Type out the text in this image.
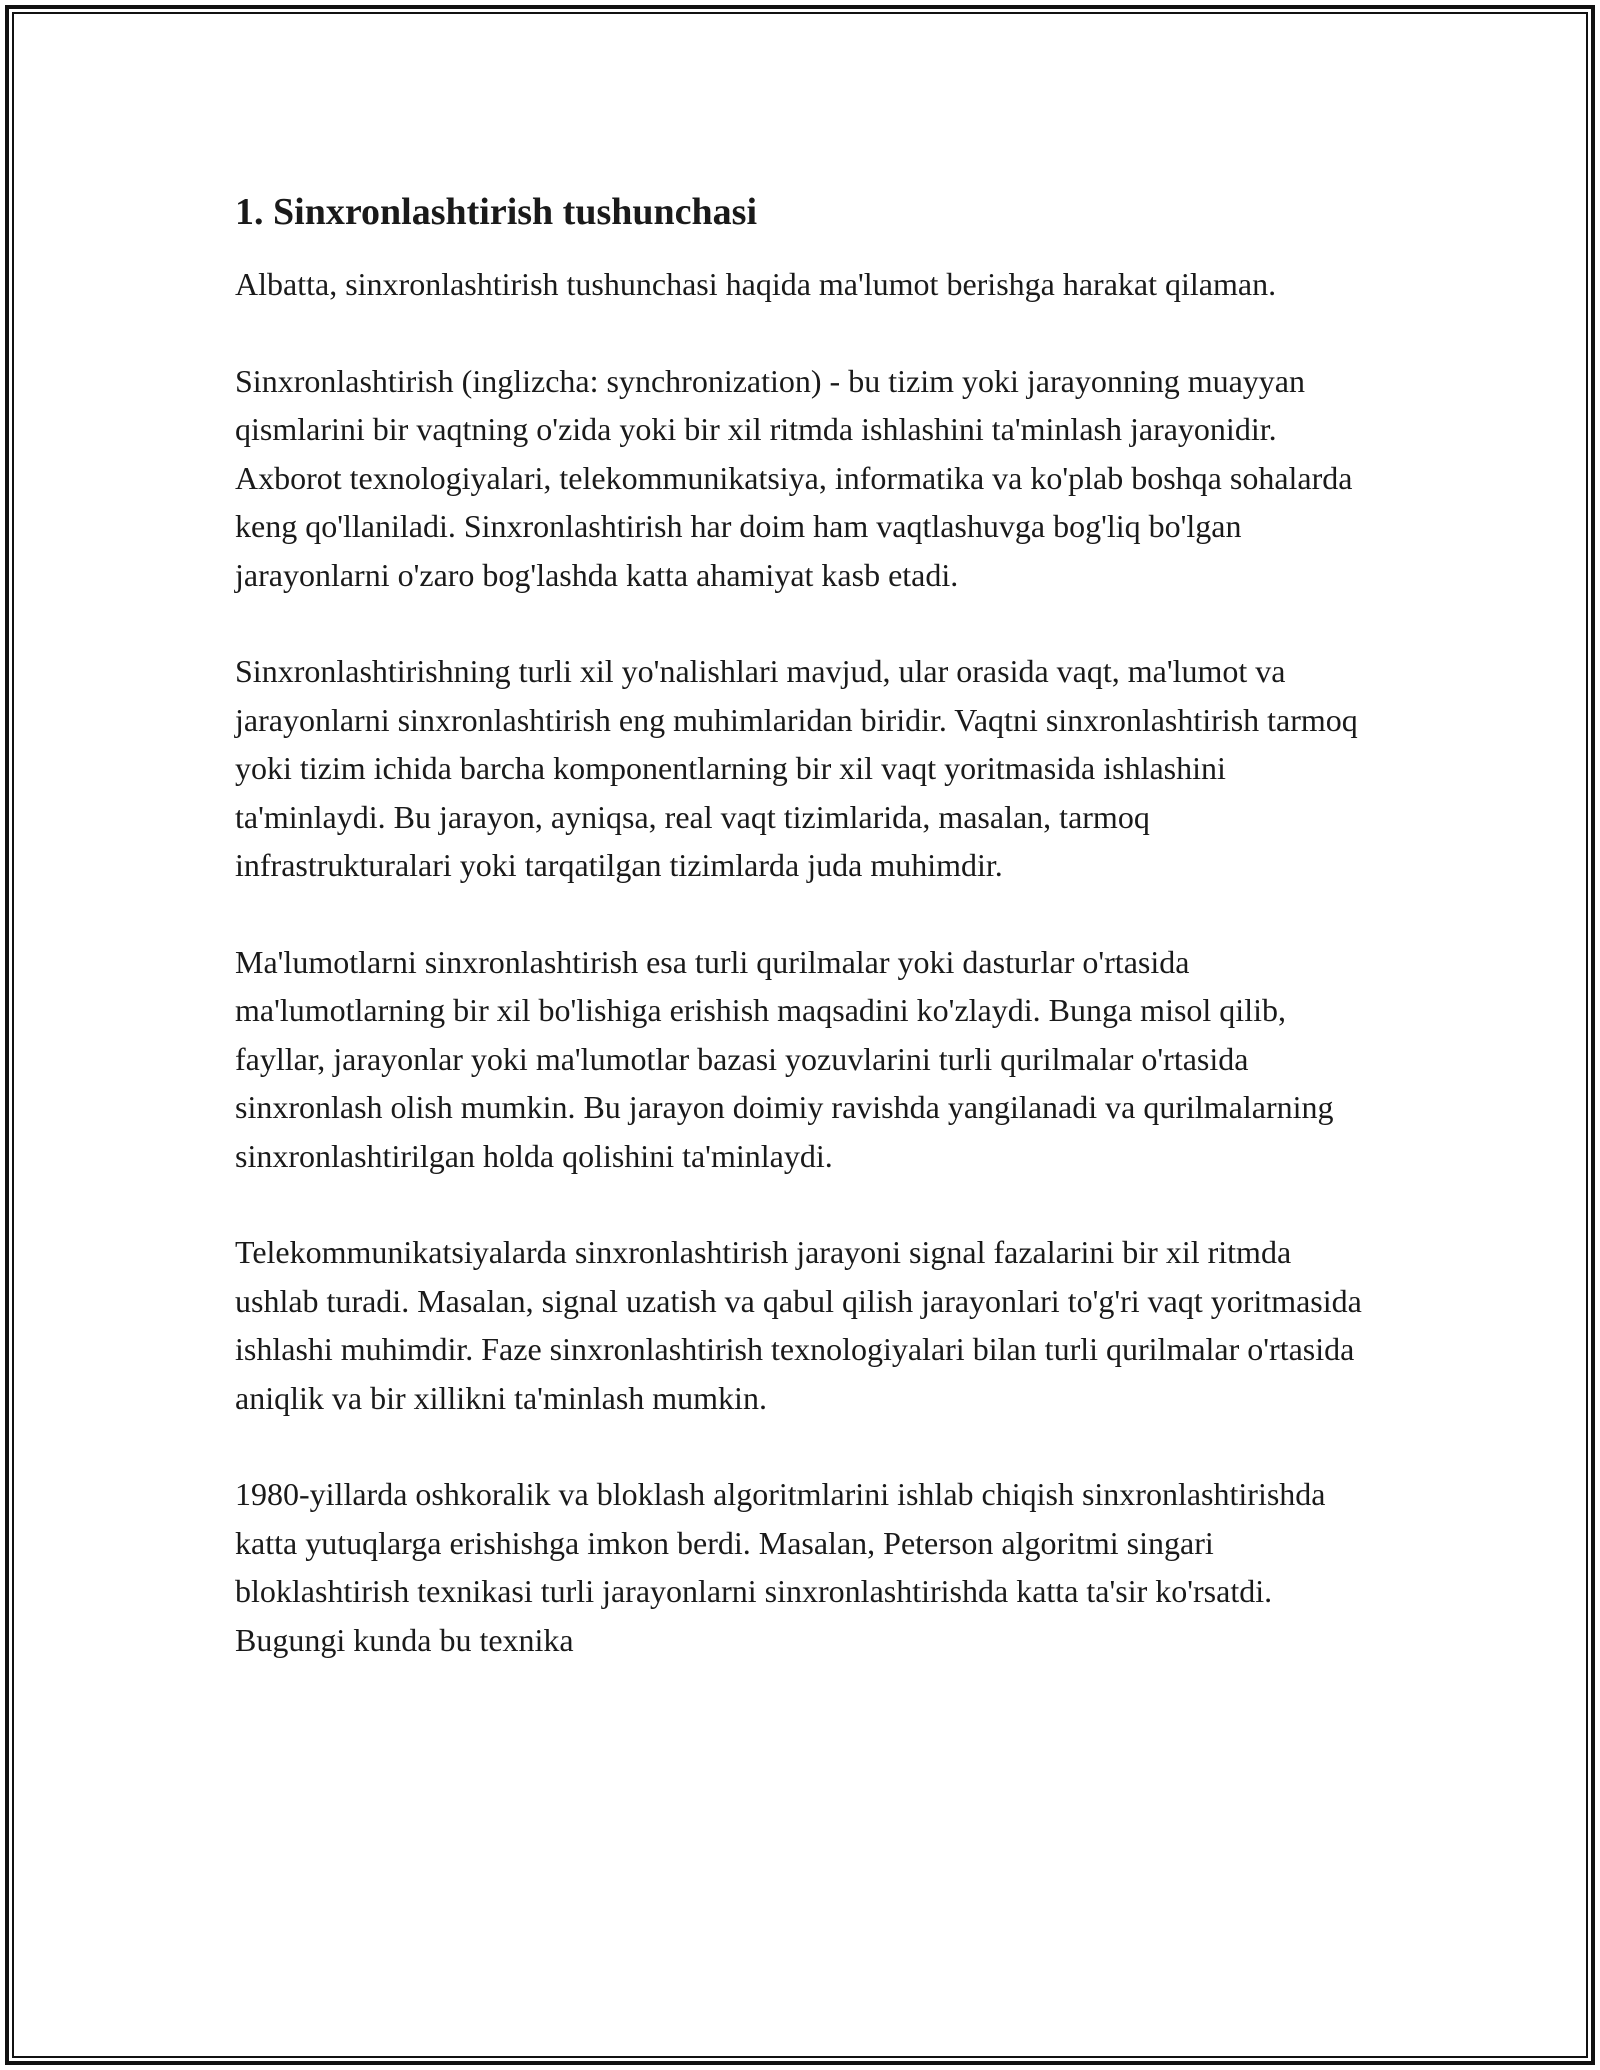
1. Sinxronlashtirish tushunchasi

Albatta, sinxronlashtirish tushunchasi haqida ma'lumot berishga harakat qilaman.

Sinxronlashtirish (inglizcha: synchronization) - bu tizim yoki jarayonning muayyan qismlarini bir vaqtning o'zida yoki bir xil ritmda ishlashini ta'minlash jarayonidir. Axborot texnologiyalari, telekommunikatsiya, informatika va ko'plab boshqa sohalarda keng qo'llaniladi. Sinxronlashtirish har doim ham vaqtlashuvga bog'liq bo'lgan jarayonlarni o'zaro bog'lashda katta ahamiyat kasb etadi.

Sinxronlashtirishning turli xil yo'nalishlari mavjud, ular orasida vaqt, ma'lumot va jarayonlarni sinxronlashtirish eng muhimlaridan biridir. Vaqtni sinxronlashtirish tarmoq yoki tizim ichida barcha komponentlarning bir xil vaqt yoritmasida ishlashini ta'minlaydi. Bu jarayon, ayniqsa, real vaqt tizimlarida, masalan, tarmoq infrastrukturalari yoki tarqatilgan tizimlarda juda muhimdir.

Ma'lumotlarni sinxronlashtirish esa turli qurilmalar yoki dasturlar o'rtasida ma'lumotlarning bir xil bo'lishiga erishish maqsadini ko'zlaydi. Bunga misol qilib, fayllar, jarayonlar yoki ma'lumotlar bazasi yozuvlarini turli qurilmalar o'rtasida sinxronlash olish mumkin. Bu jarayon doimiy ravishda yangilanadi va qurilmalarning sinxronlashtirilgan holda qolishini ta'minlaydi.

Telekommunikatsiyalarda sinxronlashtirish jarayoni signal fazalarini bir xil ritmda ushlab turadi. Masalan, signal uzatish va qabul qilish jarayonlari to'g'ri vaqt yoritmasida ishlashi muhimdir. Faze sinxronlashtirish texnologiyalari bilan turli qurilmalar o'rtasida aniqlik va bir xillikni ta'minlash mumkin.

1980-yillarda oshkoralik va bloklash algoritmlarini ishlab chiqish sinxronlashtirishda katta yutuqlarga erishishga imkon berdi. Masalan, Peterson algoritmi singari bloklashtirish texnikasi turli jarayonlarni sinxronlashtirishda katta ta'sir ko'rsatdi. Bugungi kunda bu texnika
